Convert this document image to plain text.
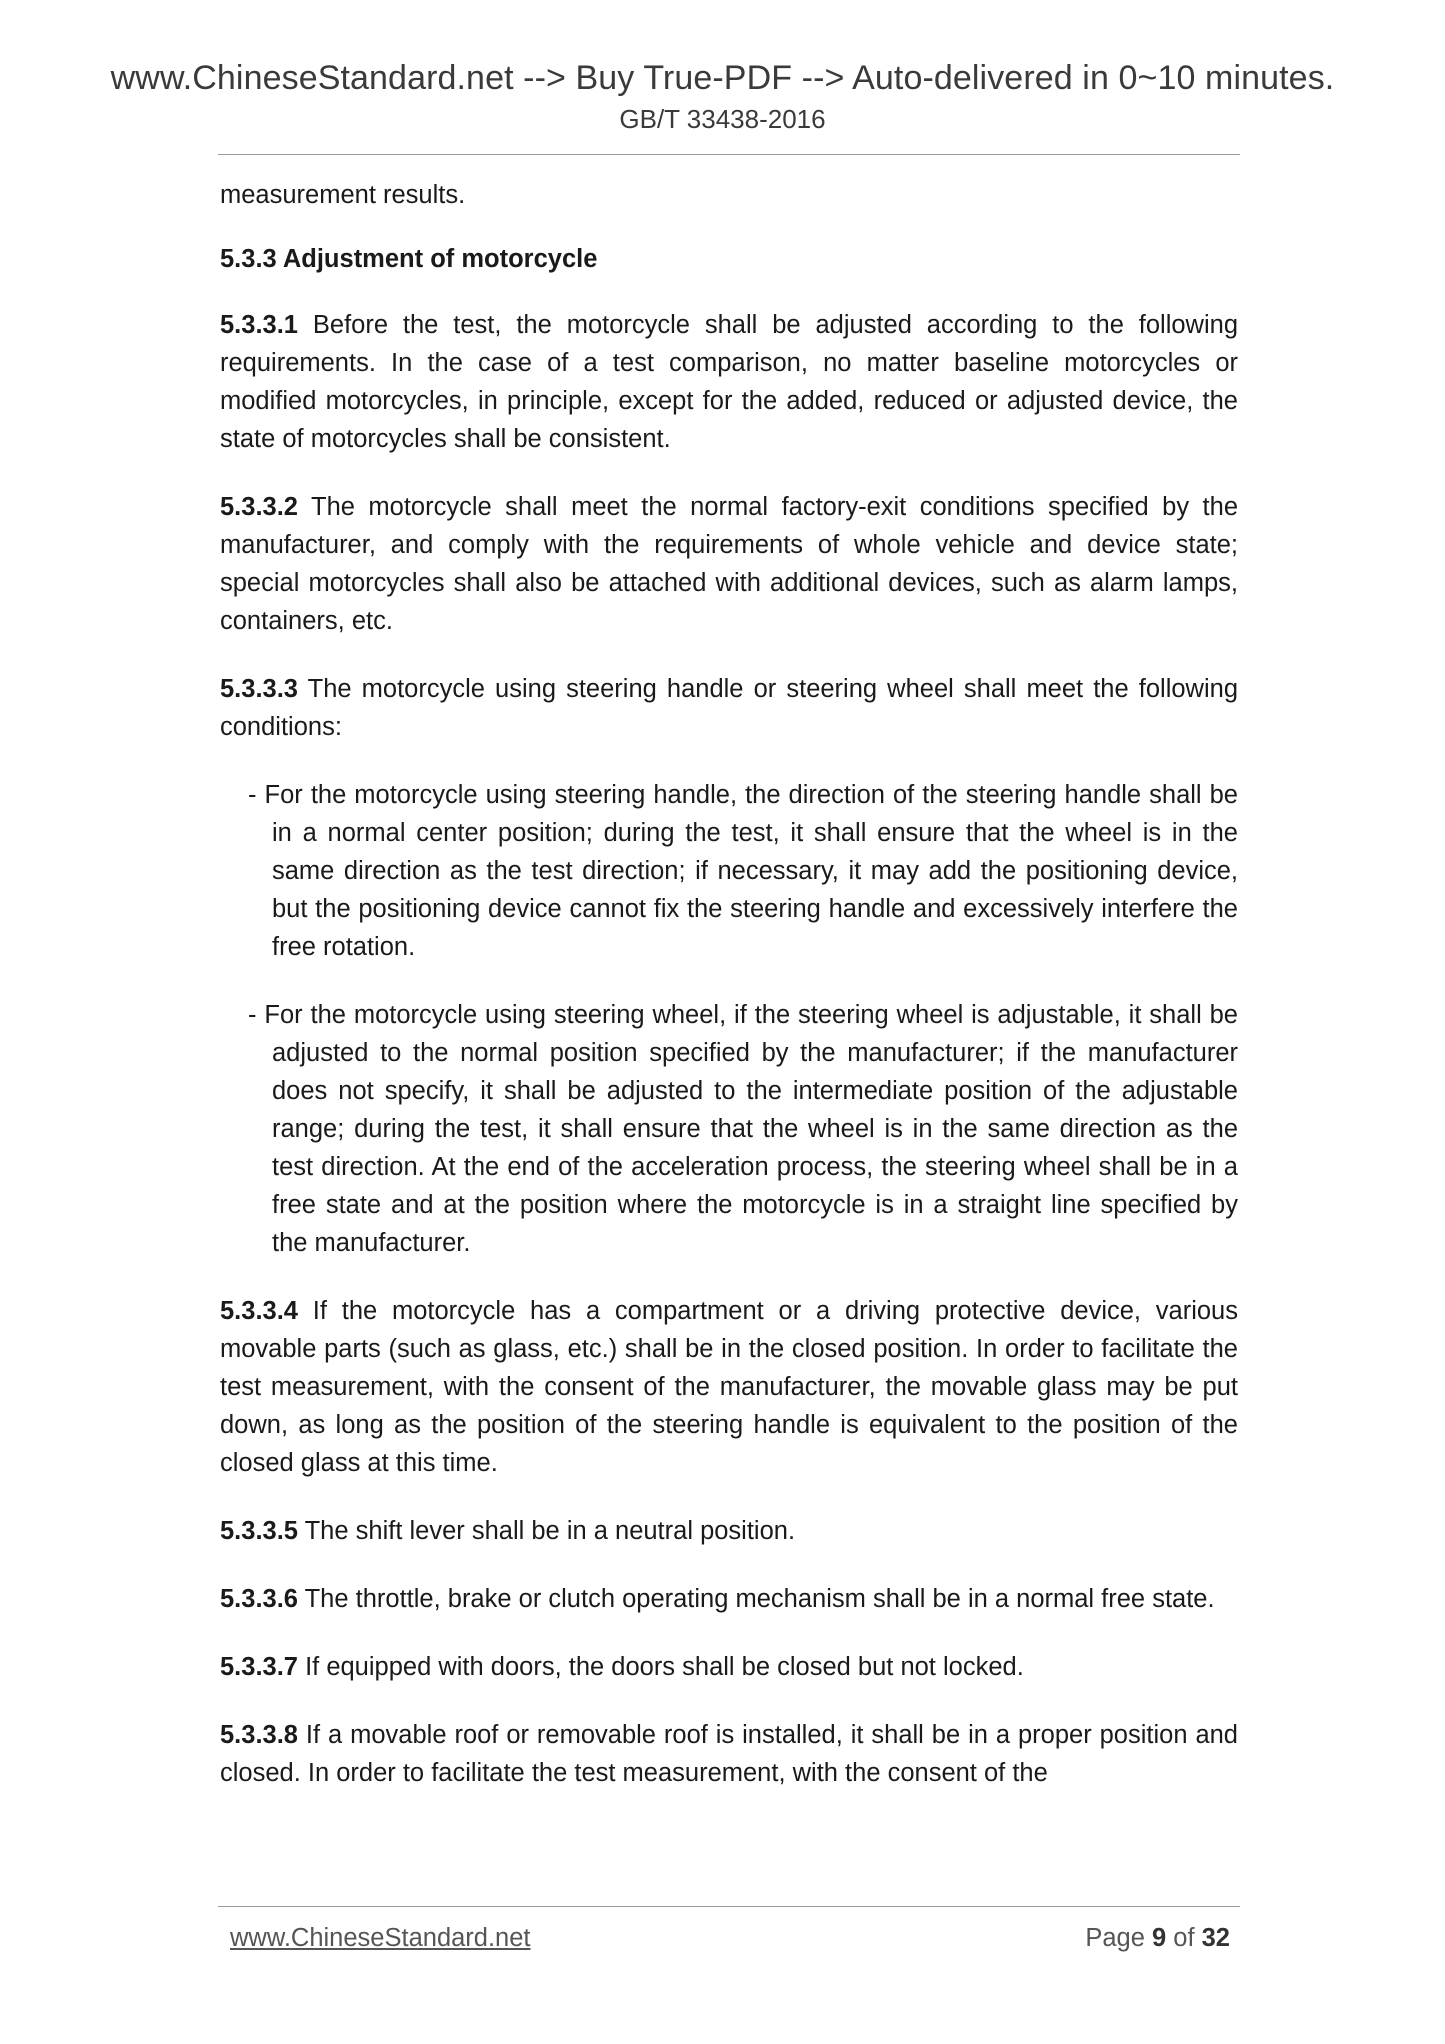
www.ChineseStandard.net --> Buy True-PDF --> Auto-delivered in 0~10 minutes.
GB/T 33438-2016

measurement results.

5.3.3 Adjustment of motorcycle

5.3.3.1 Before the test, the motorcycle shall be adjusted according to the following requirements. In the case of a test comparison, no matter baseline motorcycles or modified motorcycles, in principle, except for the added, reduced or adjusted device, the state of motorcycles shall be consistent.

5.3.3.2 The motorcycle shall meet the normal factory-exit conditions specified by the manufacturer, and comply with the requirements of whole vehicle and device state; special motorcycles shall also be attached with additional devices, such as alarm lamps, containers, etc.

5.3.3.3 The motorcycle using steering handle or steering wheel shall meet the following conditions:

- For the motorcycle using steering handle, the direction of the steering handle shall be in a normal center position; during the test, it shall ensure that the wheel is in the same direction as the test direction; if necessary, it may add the positioning device, but the positioning device cannot fix the steering handle and excessively interfere the free rotation.

- For the motorcycle using steering wheel, if the steering wheel is adjustable, it shall be adjusted to the normal position specified by the manufacturer; if the manufacturer does not specify, it shall be adjusted to the intermediate position of the adjustable range; during the test, it shall ensure that the wheel is in the same direction as the test direction. At the end of the acceleration process, the steering wheel shall be in a free state and at the position where the motorcycle is in a straight line specified by the manufacturer.

5.3.3.4 If the motorcycle has a compartment or a driving protective device, various movable parts (such as glass, etc.) shall be in the closed position. In order to facilitate the test measurement, with the consent of the manufacturer, the movable glass may be put down, as long as the position of the steering handle is equivalent to the position of the closed glass at this time.

5.3.3.5 The shift lever shall be in a neutral position.

5.3.3.6 The throttle, brake or clutch operating mechanism shall be in a normal free state.

5.3.3.7 If equipped with doors, the doors shall be closed but not locked.

5.3.3.8 If a movable roof or removable roof is installed, it shall be in a proper position and closed. In order to facilitate the test measurement, with the consent of the

www.ChineseStandard.net	Page 9 of 32
